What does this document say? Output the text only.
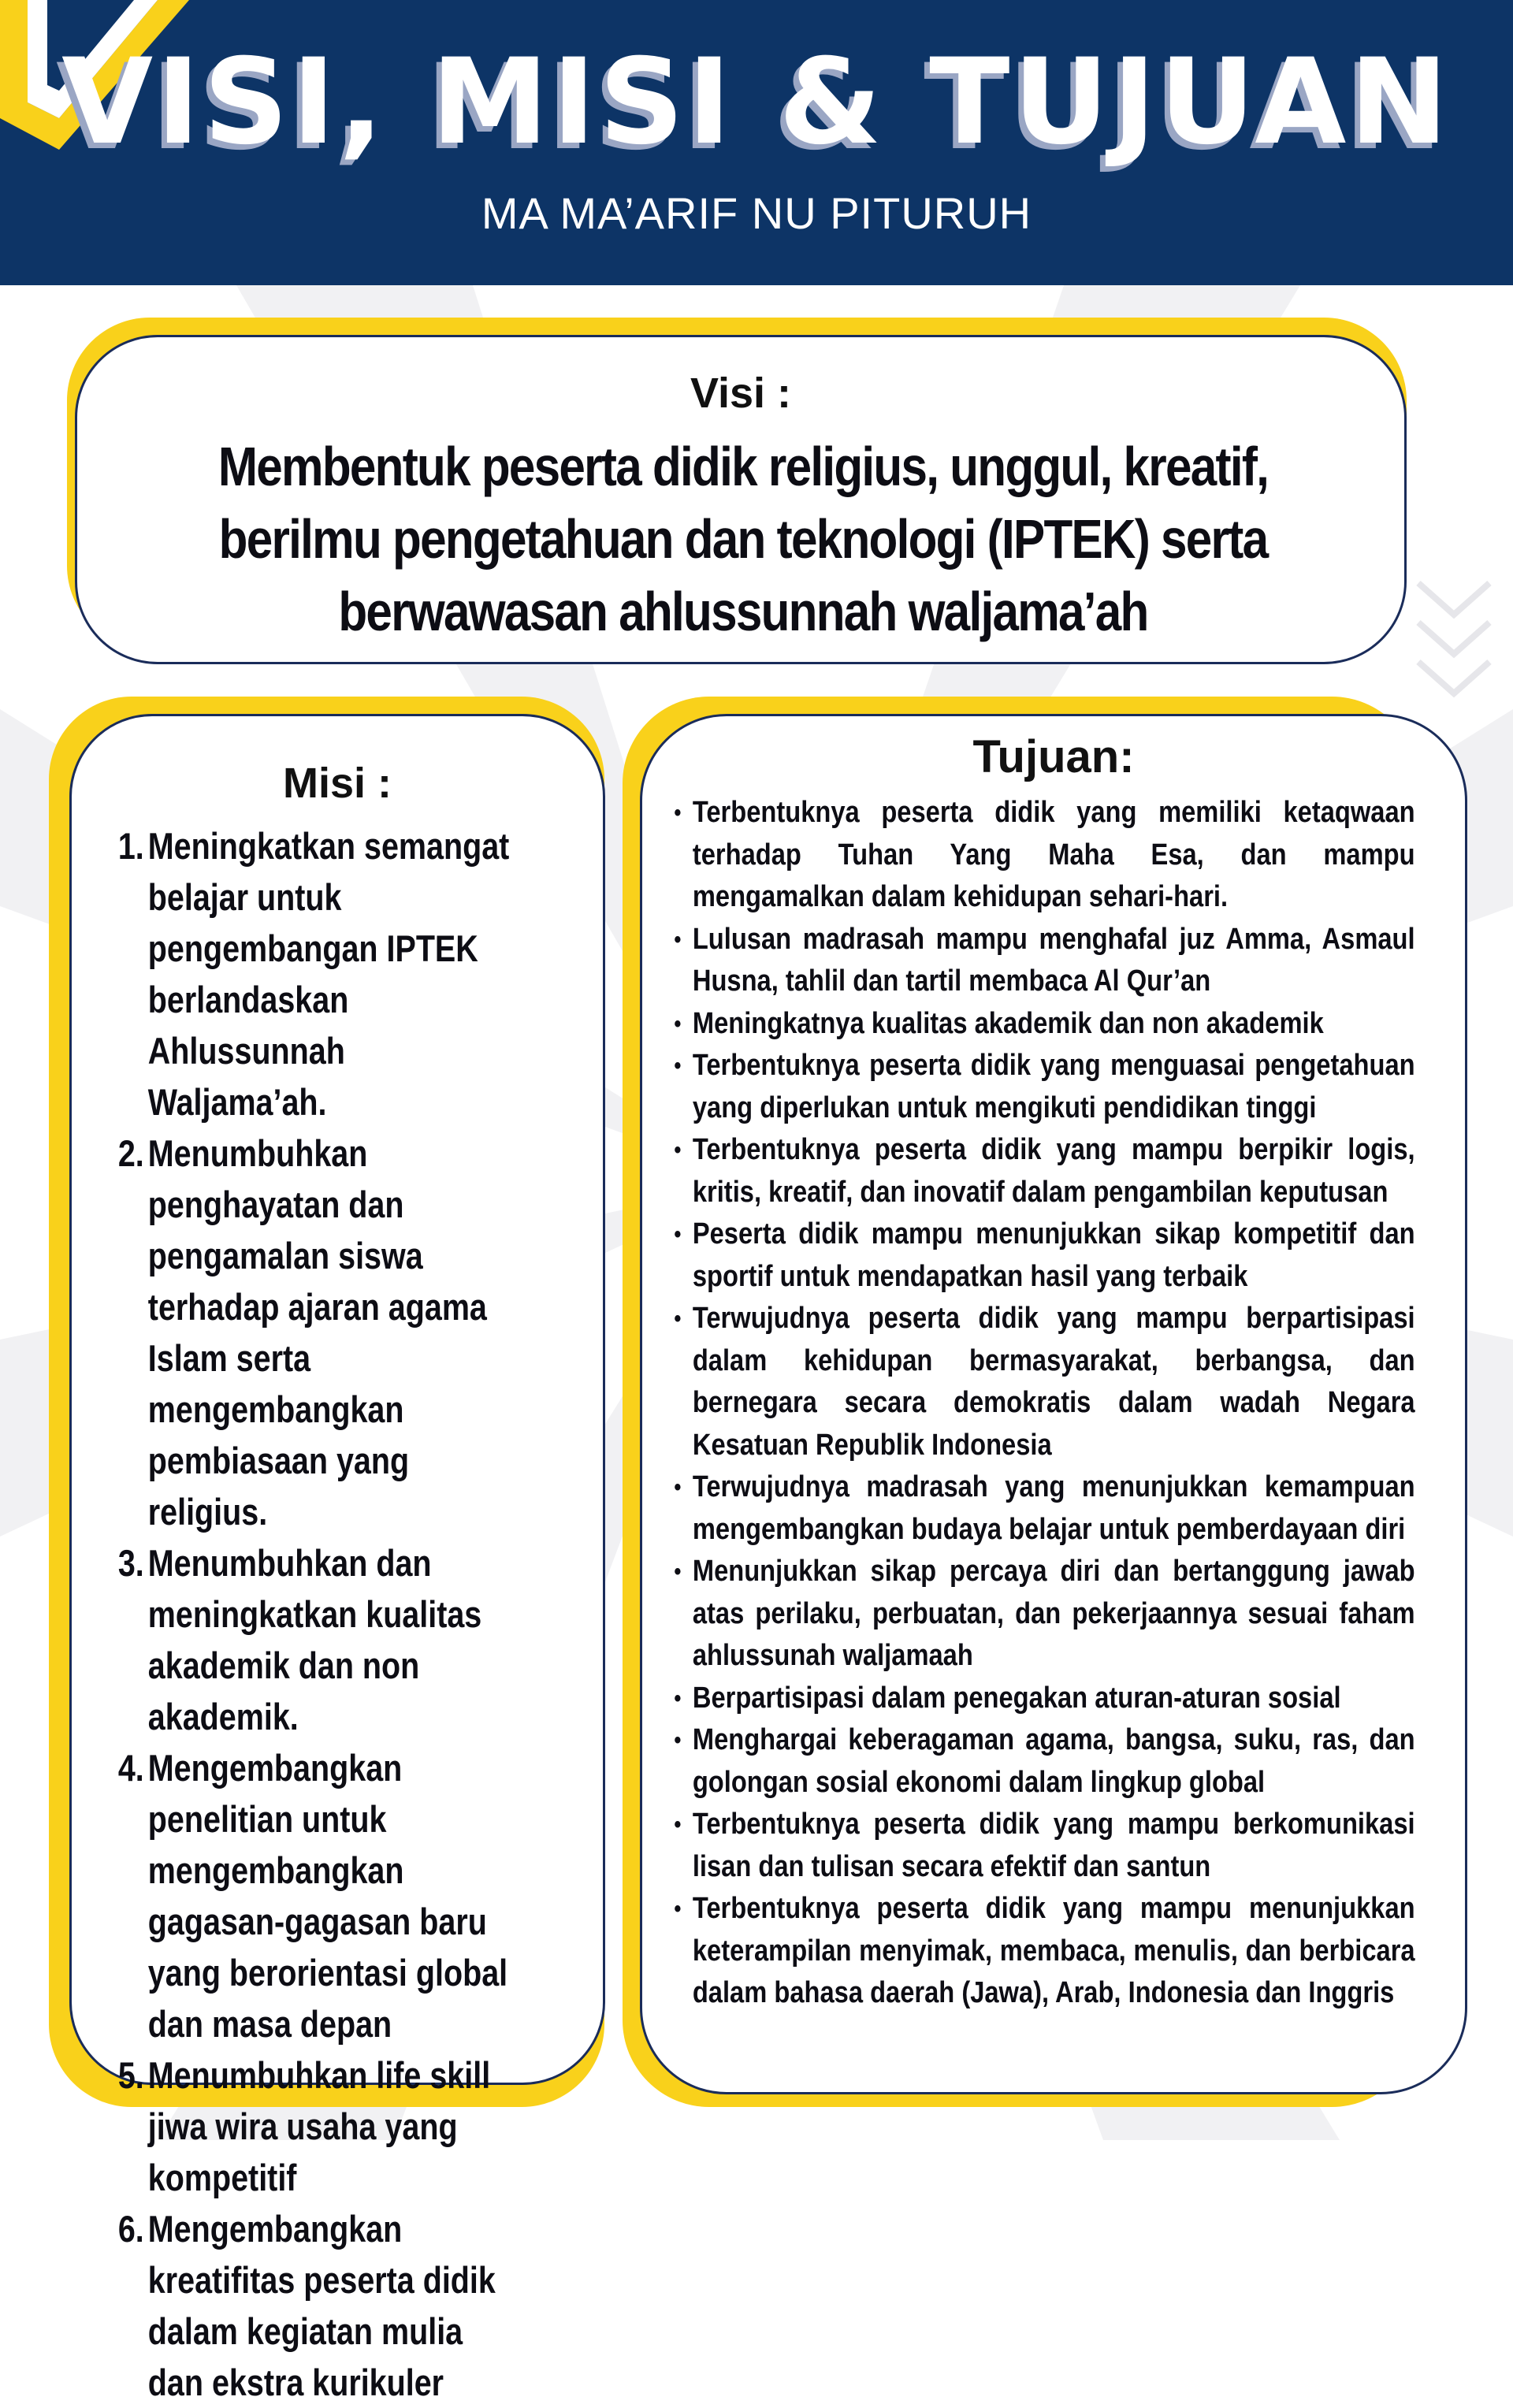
VISI, MISI & TUJUAN
MA MA’ARIF NU PITURUH
Visi :
Membentuk peserta didik religius, unggul, kreatif, berilmu pengetahuan dan teknologi (IPTEK) serta berwawasan ahlussunnah waljama’ah
Misi :
1. Meningkatkan semangat belajar untuk pengembangan IPTEK berlandaskan Ahlussunnah Waljama’ah.
2. Menumbuhkan penghayatan dan pengamalan siswa terhadap ajaran agama Islam serta mengembangkan pembiasaan yang religius.
3. Menumbuhkan dan meningkatkan kualitas akademik dan non akademik.
4. Mengembangkan penelitian untuk mengembangkan gagasan-gagasan baru yang berorientasi global dan masa depan
5. Menumbuhkan life skill jiwa wira usaha yang kompetitif
6. Mengembangkan kreatifitas peserta didik dalam kegiatan mulia dan ekstra kurikuler
Tujuan:
• Terbentuknya peserta didik yang memiliki ketaqwaan terhadap Tuhan Yang Maha Esa, dan mampu mengamalkan dalam kehidupan sehari-hari.
• Lulusan madrasah mampu menghafal juz Amma, Asmaul Husna, tahlil dan tartil membaca Al Qur’an
• Meningkatnya kualitas akademik dan non akademik
• Terbentuknya peserta didik yang menguasai pengetahuan yang diperlukan untuk mengikuti pendidikan tinggi
• Terbentuknya peserta didik yang mampu berpikir logis, kritis, kreatif, dan inovatif dalam pengambilan keputusan
• Peserta didik mampu menunjukkan sikap kompetitif dan sportif untuk mendapatkan hasil yang terbaik
• Terwujudnya peserta didik yang mampu berpartisipasi dalam kehidupan bermasyarakat, berbangsa, dan bernegara secara demokratis dalam wadah Negara Kesatuan Republik Indonesia
• Terwujudnya madrasah yang menunjukkan kemampuan mengembangkan budaya belajar untuk pemberdayaan diri
• Menunjukkan sikap percaya diri dan bertanggung jawab atas perilaku, perbuatan, dan pekerjaannya sesuai faham ahlussunah waljamaah
• Berpartisipasi dalam penegakan aturan-aturan sosial
• Menghargai keberagaman agama, bangsa, suku, ras, dan golongan sosial ekonomi dalam lingkup global
• Terbentuknya peserta didik yang mampu berkomunikasi lisan dan tulisan secara efektif dan santun
• Terbentuknya peserta didik yang mampu menunjukkan keterampilan menyimak, membaca, menulis, dan berbicara dalam bahasa daerah (Jawa), Arab, Indonesia dan Inggris
